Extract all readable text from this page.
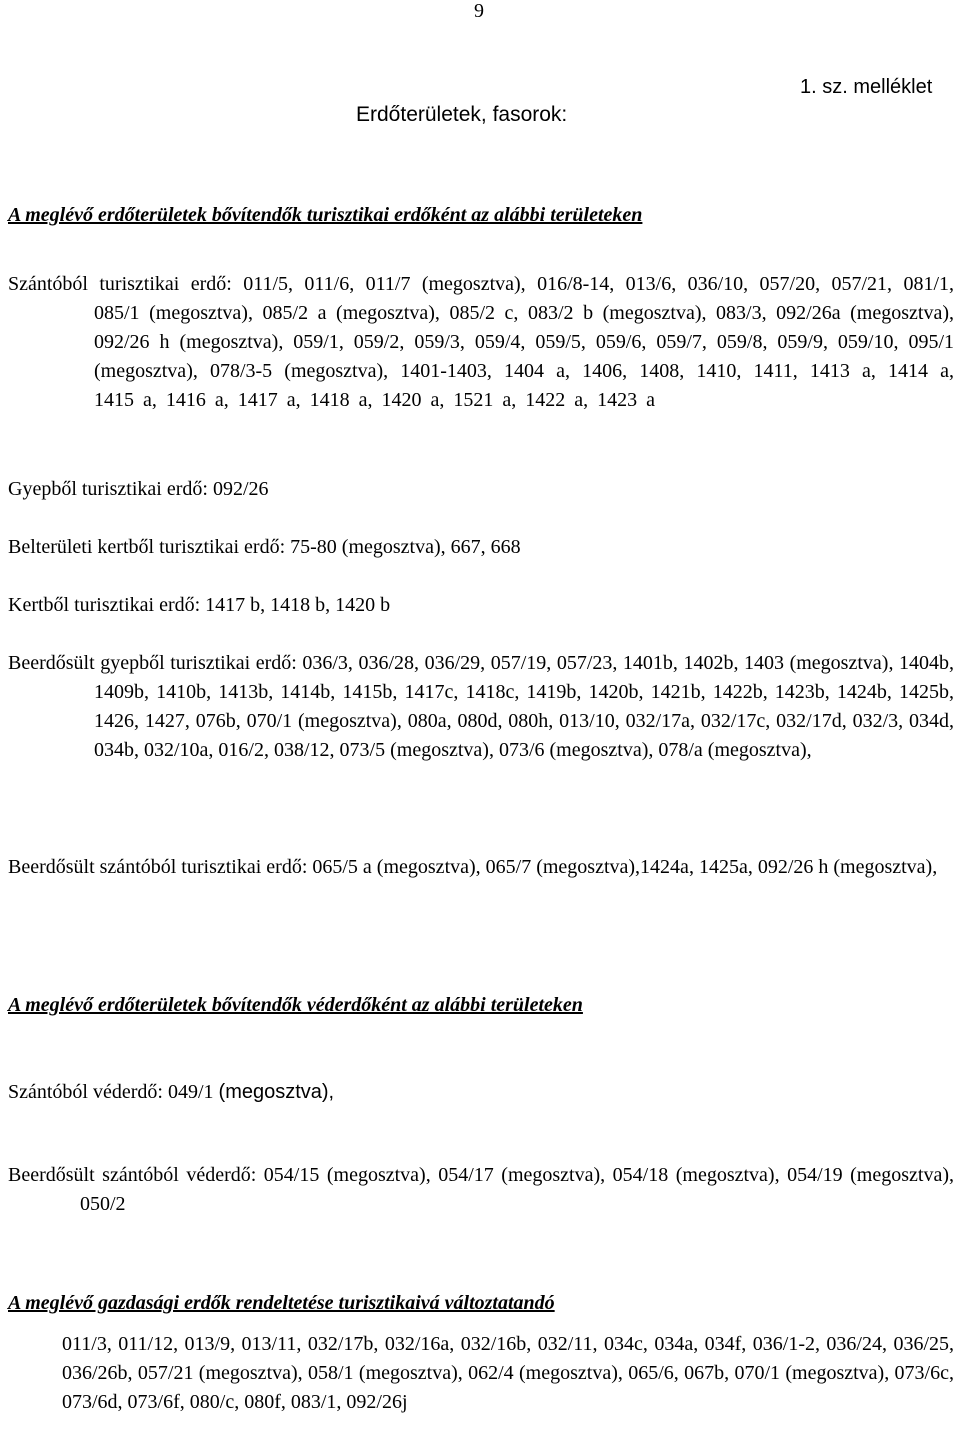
9
1. sz. melléklet
Erdőterületek, fasorok:
A meglévő erdőterületek bővítendők turisztikai erdőként az alábbi területeken
Szántóból turisztikai erdő: 011/5, 011/6, 011/7 (megosztva), 016/8-14, 013/6, 036/10, 057/20, 057/21, 081/1, 085/1 (megosztva), 085/2 a (megosztva), 085/2 c, 083/2 b (megosztva), 083/3, 092/26a (megosztva), 092/26 h (megosztva), 059/1, 059/2, 059/3, 059/4, 059/5, 059/6, 059/7, 059/8, 059/9, 059/10, 095/1 (megosztva), 078/3-5 (megosztva), 1401-1403, 1404 a, 1406, 1408, 1410, 1411, 1413 a, 1414 a, 1415 a, 1416 a, 1417 a, 1418 a, 1420 a, 1521 a, 1422 a, 1423 a
Gyepből turisztikai erdő: 092/26
Belterületi kertből turisztikai erdő: 75-80 (megosztva), 667, 668
Kertből turisztikai erdő: 1417 b, 1418 b, 1420 b
Beerdősült gyepből turisztikai erdő: 036/3, 036/28, 036/29, 057/19, 057/23, 1401b, 1402b, 1403 (megosztva), 1404b, 1409b, 1410b, 1413b, 1414b, 1415b, 1417c, 1418c, 1419b, 1420b, 1421b, 1422b, 1423b, 1424b, 1425b, 1426, 1427, 076b, 070/1 (megosztva), 080a, 080d, 080h, 013/10, 032/17a, 032/17c, 032/17d, 032/3, 034d, 034b, 032/10a, 016/2, 038/12, 073/5 (megosztva), 073/6 (megosztva), 078/a (megosztva),
Beerdősült szántóból turisztikai erdő: 065/5 a (megosztva), 065/7 (megosztva),1424a, 1425a, 092/26 h (megosztva),
A meglévő erdőterületek bővítendők véderdőként az alábbi területeken
Szántóból véderdő: 049/1 (megosztva),
Beerdősült szántóból véderdő: 054/15 (megosztva), 054/17 (megosztva), 054/18 (megosztva), 054/19 (megosztva), 050/2
A meglévő gazdasági erdők rendeltetése turisztikaivá változtatandó
011/3, 011/12, 013/9, 013/11, 032/17b, 032/16a, 032/16b, 032/11, 034c, 034a, 034f, 036/1-2, 036/24, 036/25, 036/26b, 057/21 (megosztva), 058/1 (megosztva), 062/4 (megosztva), 065/6, 067b, 070/1 (megosztva), 073/6c, 073/6d, 073/6f, 080/c, 080f, 083/1, 092/26j
